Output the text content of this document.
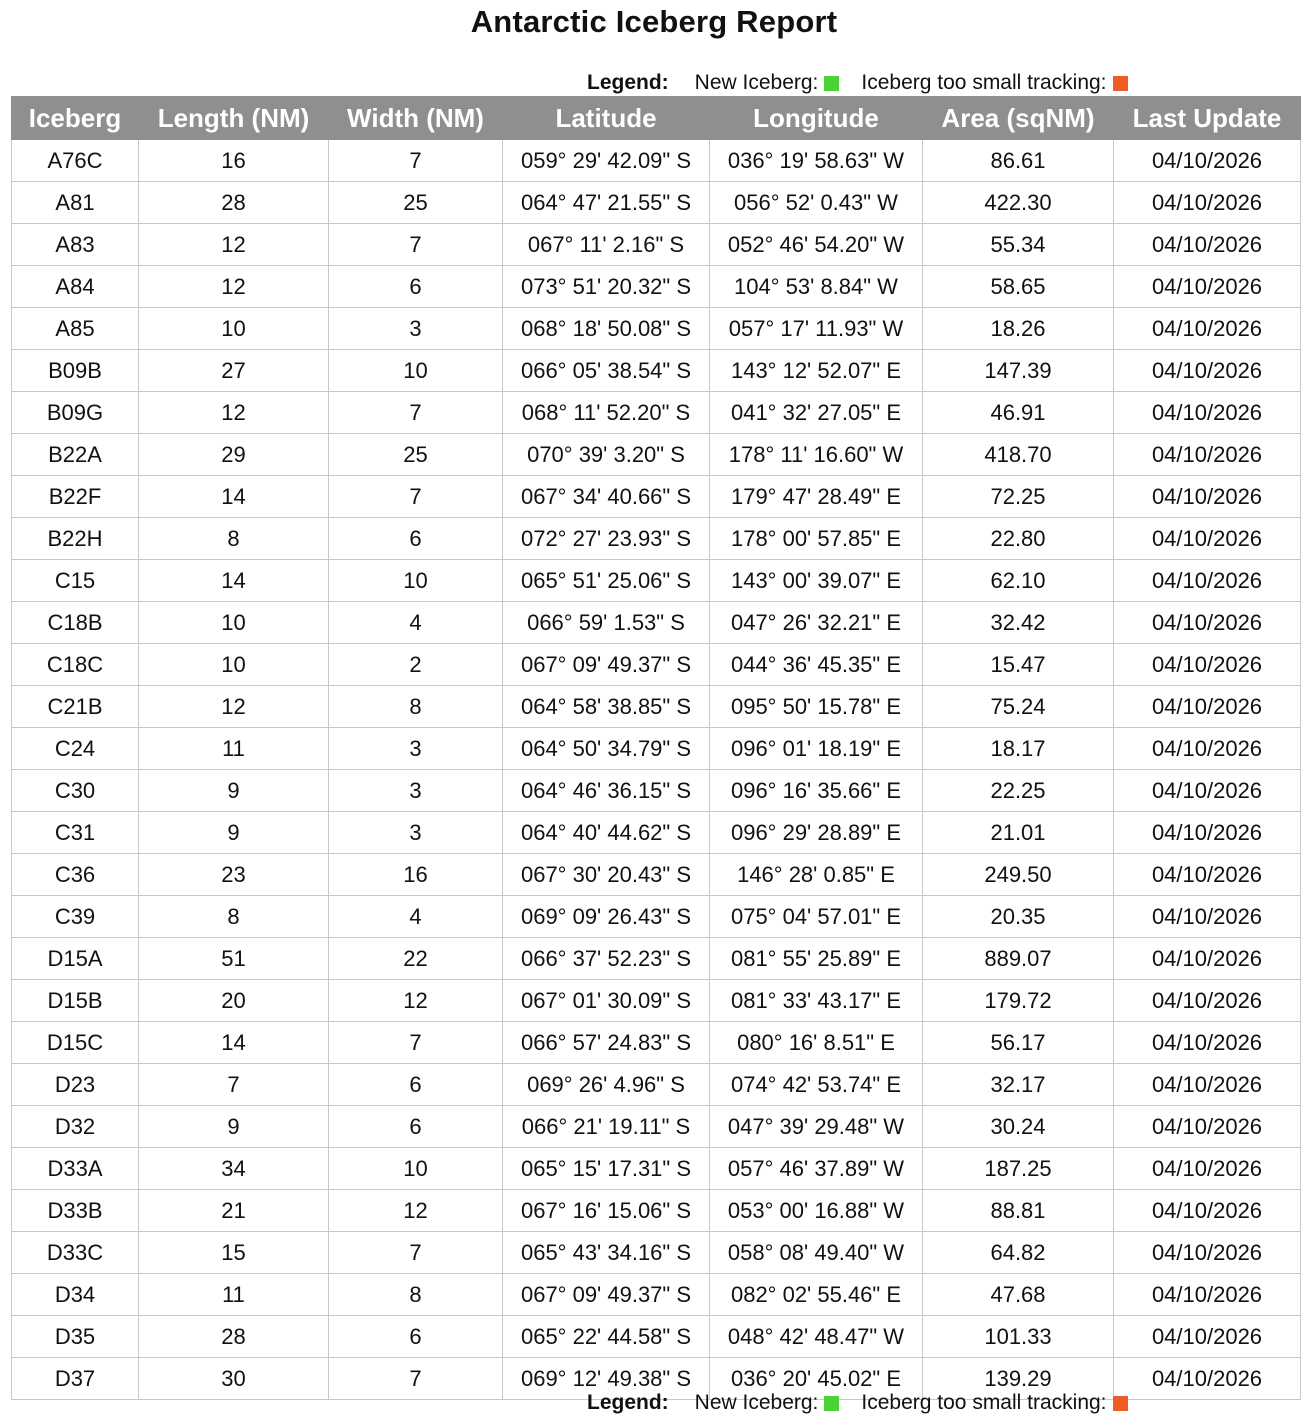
Antarctic Iceberg Report
Legend: New Iceberg: Iceberg too small tracking:
Iceberg	Length (NM)	Width (NM)	Latitude	Longitude	Area (sqNM)	Last Update
A76C	16	7	059° 29' 42.09" S	036° 19' 58.63" W	86.61	04/10/2026
A81	28	25	064° 47' 21.55" S	056° 52' 0.43" W	422.30	04/10/2026
A83	12	7	067° 11' 2.16" S	052° 46' 54.20" W	55.34	04/10/2026
A84	12	6	073° 51' 20.32" S	104° 53' 8.84" W	58.65	04/10/2026
A85	10	3	068° 18' 50.08" S	057° 17' 11.93" W	18.26	04/10/2026
B09B	27	10	066° 05' 38.54" S	143° 12' 52.07" E	147.39	04/10/2026
B09G	12	7	068° 11' 52.20" S	041° 32' 27.05" E	46.91	04/10/2026
B22A	29	25	070° 39' 3.20" S	178° 11' 16.60" W	418.70	04/10/2026
B22F	14	7	067° 34' 40.66" S	179° 47' 28.49" E	72.25	04/10/2026
B22H	8	6	072° 27' 23.93" S	178° 00' 57.85" E	22.80	04/10/2026
C15	14	10	065° 51' 25.06" S	143° 00' 39.07" E	62.10	04/10/2026
C18B	10	4	066° 59' 1.53" S	047° 26' 32.21" E	32.42	04/10/2026
C18C	10	2	067° 09' 49.37" S	044° 36' 45.35" E	15.47	04/10/2026
C21B	12	8	064° 58' 38.85" S	095° 50' 15.78" E	75.24	04/10/2026
C24	11	3	064° 50' 34.79" S	096° 01' 18.19" E	18.17	04/10/2026
C30	9	3	064° 46' 36.15" S	096° 16' 35.66" E	22.25	04/10/2026
C31	9	3	064° 40' 44.62" S	096° 29' 28.89" E	21.01	04/10/2026
C36	23	16	067° 30' 20.43" S	146° 28' 0.85" E	249.50	04/10/2026
C39	8	4	069° 09' 26.43" S	075° 04' 57.01" E	20.35	04/10/2026
D15A	51	22	066° 37' 52.23" S	081° 55' 25.89" E	889.07	04/10/2026
D15B	20	12	067° 01' 30.09" S	081° 33' 43.17" E	179.72	04/10/2026
D15C	14	7	066° 57' 24.83" S	080° 16' 8.51" E	56.17	04/10/2026
D23	7	6	069° 26' 4.96" S	074° 42' 53.74" E	32.17	04/10/2026
D32	9	6	066° 21' 19.11" S	047° 39' 29.48" W	30.24	04/10/2026
D33A	34	10	065° 15' 17.31" S	057° 46' 37.89" W	187.25	04/10/2026
D33B	21	12	067° 16' 15.06" S	053° 00' 16.88" W	88.81	04/10/2026
D33C	15	7	065° 43' 34.16" S	058° 08' 49.40" W	64.82	04/10/2026
D34	11	8	067° 09' 49.37" S	082° 02' 55.46" E	47.68	04/10/2026
D35	28	6	065° 22' 44.58" S	048° 42' 48.47" W	101.33	04/10/2026
D37	30	7	069° 12' 49.38" S	036° 20' 45.02" E	139.29	04/10/2026
Legend: New Iceberg: Iceberg too small tracking:
